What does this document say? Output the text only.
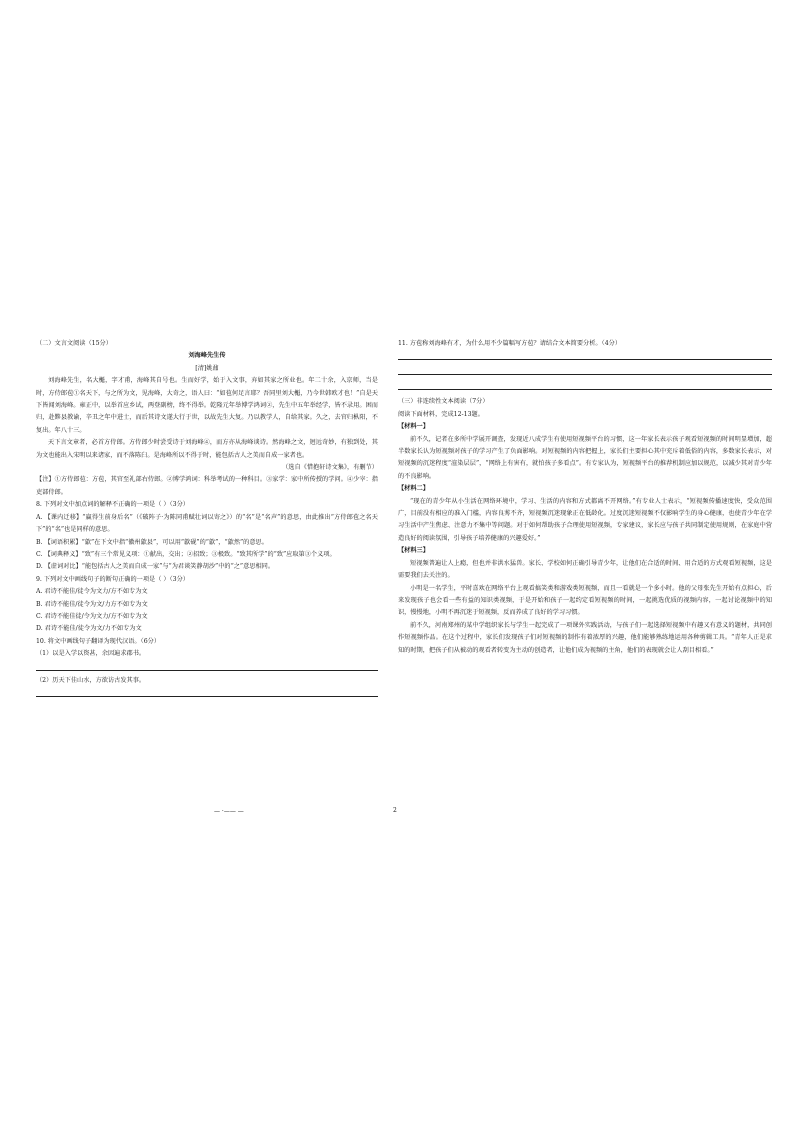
（二）文言文阅读（15分）
刘海峰先生传
[清]姚鼐
刘海峰先生，名大櫆，字才甫，海峰其自号也。生而好学，始于入文事，弃如其家之所业也。年二十余，入京师，当是时，方侍郎苞①名天下，与之所为文，见海峰，大奇之，语人曰：“如苞何足言耶？吾同里刘大櫆，乃今世韩欧才也！”自是天下皆闻刘海峰。雍正中，以举首应乡试，两登副榜，终不得举。乾隆元年举博学鸿词②，先生中五年举经学，皆不录用。困而归，赴黟县教谕，辛丑之年中进士，而后其诗文遂大行于世，以故先生大复。乃以教学人，自给其家。久之，去官归枞阳，不复出。年八十三。
天下言文章者，必首方侍郎。方侍郎少时尝受诗于刘海峰④，而方亦从海峰谈诗。然海峰之文，迥远奇妙，有独到处，其为文也能出入宋明以来诸家，而不落陈臼。是海峰所以不得于时，能包括古人之美而自成一家者也。
（选自《惜抱轩诗文集》，有删节）
【注】①方侍郎苞：方苞，其官至礼部右侍郎。②博学鸿词：科举考试的一种科目。③家学：家中所传授的学问。④少宰：指吏部侍郎。
8. 下列对文中加点词的解释不正确的一项是（ ）（3分）
A. 【课内迁移】“赢得生前身后名”（《破阵子·为陈同甫赋壮词以寄之》）的“名”是“名声”的意思，由此推出“方侍郎苞之名天下”的“名”也是同样的意思。
B. 【词语积累】“歙”在下文中指“徽州歙县”，可以用“歙砚”的“歙”，“歙然”的意思。
C. 【词典释义】“致”有三个常见义项：①献出，交出；②招致；③极致。“致其所学”的“致”应取第③个义项。
D. 【虚词对比】“能包括古人之美而自成一家”与“为君谈笑静胡沙”中的“之”意思相同。
9. 下列对文中画线句子的断句正确的一项是（ ）（3分）
A. 君诗不能佳/徒令为文力/方不如专为文
B. 君诗不能佳/徒令为文/力方不如专为文
C. 君诗不能佳徒/令为文力/方不如专为文
D. 君诗不能佳/徒令为文/力不如专为文
10. 将文中画线句子翻译为现代汉语。（6分）
（1）以是入学以资甚，余因遍求郡书。
（2）历天下佳山水，方欲访古发其事。
11. 方苞称刘海峰有才，为什么用不少篇幅写方苞？请结合文本简要分析。（4分）
（三）非连续性文本阅读（7分）
阅读下面材料，完成12-13题。
【材料一】
前不久，记者在多所中学展开调查，发现近八成学生有使用短视频平台的习惯，这一年家长表示孩子观看短视频的时间明显增加，超半数家长认为短视频对孩子的学习产生了负面影响。对短视频的内容把握上，家长们主要担心其中充斥着低俗的内容，多数家长表示，对短视频的沉迷程度“渲染层层”，“网络上有害有，就怕孩子多看点”。有专家认为，短视频平台的推荐机制应加以规范，以减少其对青少年的不良影响。
【材料二】
“现在的青少年从小生活在网络环境中，学习、生活的内容和方式都离不开网络。”有专业人士表示，“短视频传播速度快，受众范围广，目前没有相应的准入门槛，内容良莠不齐，短视频沉迷现象正在低龄化。过度沉迷短视频不仅影响学生的身心健康，也使青少年在学习生活中产生焦虑、注意力不集中等问题。对于如何帮助孩子合理使用短视频，专家建议，家长应与孩子共同制定使用规则，在家庭中营造良好的阅读氛围，引导孩子培养健康的兴趣爱好。”
【材料三】
短视频普遍让人上瘾，但也并非洪水猛兽。家长、学校如何正确引导青少年，让他们在合适的时间、用合适的方式观看短视频，这是需要我们去关注的。
小明是一名学生，平时喜欢在网络平台上观看搞笑类和游戏类短视频，而且一看就是一个多小时。他的父母张先生开始有点担心，后来发现孩子也会看一些有益的知识类视频，于是开始和孩子一起约定看短视频的时间，一起挑选优质的视频内容，一起讨论视频中的知识，慢慢地，小明不再沉迷于短视频，反而养成了良好的学习习惯。
前不久，河南郑州的某中学组织家长与学生一起完成了一项课外实践活动，与孩子们一起选择短视频中有趣又有意义的题材，共同创作短视频作品。在这个过程中，家长们发现孩子们对短视频的制作有着浓厚的兴趣，他们能够熟练地运用各种剪辑工具。“青年人正是求知的时期，把孩子们从被动的观看者转变为主动的创造者，让他们成为视频的主角，他们的表现就会让人刮目相看。”
— ·—— —	2
